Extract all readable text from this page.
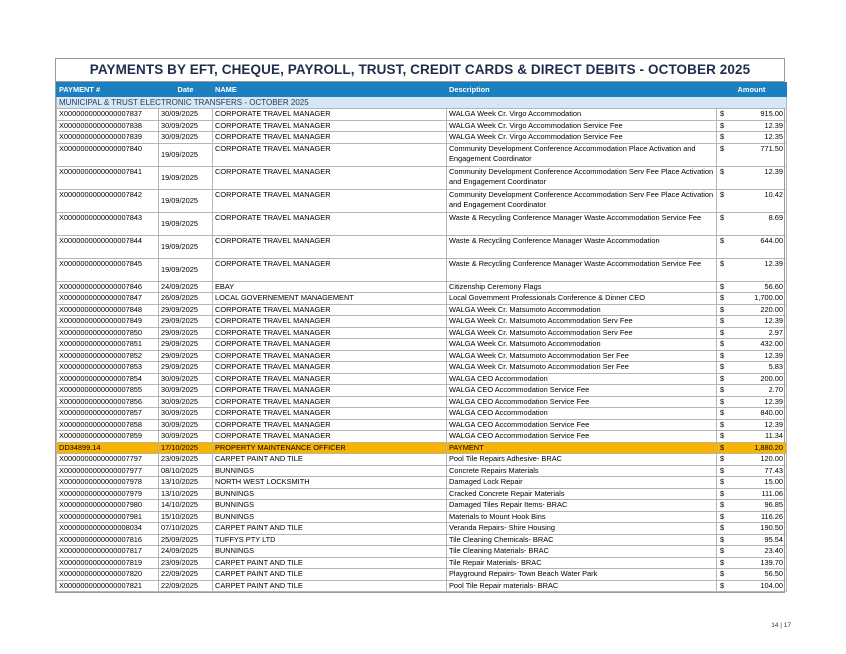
PAYMENTS BY EFT, CHEQUE, PAYROLL, TRUST, CREDIT CARDS & DIRECT DEBITS - OCTOBER 2025
PAYMENT #	Date	NAME	Description	Amount
MUNICIPAL & TRUST ELECTRONIC TRANSFERS - OCTOBER 2025				
X0000000000000007837	30/09/2025	CORPORATE TRAVEL MANAGER	WALGA Week Cr. Virgo Accommodation	$ 915.00
X0000000000000007838	30/09/2025	CORPORATE TRAVEL MANAGER	WALGA Week Cr. Virgo Accommodation Service Fee	$ 12.39
X0000000000000007839	30/09/2025	CORPORATE TRAVEL MANAGER	WALGA Week Cr. Virgo Accommodation Service Fee	$ 12.35
X0000000000000007840	19/09/2025	CORPORATE TRAVEL MANAGER	Community Development Conference Accommodation Place Activation and Engagement Coordinator	$ 771.50
X0000000000000007841	19/09/2025	CORPORATE TRAVEL MANAGER	Community Development Conference Accommodation Serv Fee Place Activation and Engagement Coordinator	$ 12.39
X0000000000000007842	19/09/2025	CORPORATE TRAVEL MANAGER	Community Development Conference Accommodation Serv Fee Place Activation and Engagement Coordinator	$ 10.42
X0000000000000007843	19/09/2025	CORPORATE TRAVEL MANAGER	Waste & Recycling Conference Manager Waste Accommodation Service Fee	$ 8.69
X0000000000000007844	19/09/2025	CORPORATE TRAVEL MANAGER	Waste & Recycling Conference Manager Waste Accommodation	$ 644.00
X0000000000000007845	19/09/2025	CORPORATE TRAVEL MANAGER	Waste & Recycling Conference Manager Waste Accommodation Service Fee	$ 12.39
X0000000000000007846	24/09/2025	EBAY	Citizenship Ceremony Flags	$ 56.60
X0000000000000007847	26/09/2025	LOCAL GOVERNEMENT MANAGEMENT	Local Government Professionals Conference & Dinner CEO	$ 1,700.00
X0000000000000007848	29/09/2025	CORPORATE TRAVEL MANAGER	WALGA Week Cr. Matsumoto Accommodation	$ 220.00
X0000000000000007849	29/09/2025	CORPORATE TRAVEL MANAGER	WALGA Week Cr. Matsumoto Accommodation Serv Fee	$ 12.39
X0000000000000007850	29/09/2025	CORPORATE TRAVEL MANAGER	WALGA Week Cr. Matsumoto Accommodation Serv Fee	$ 2.97
X0000000000000007851	29/09/2025	CORPORATE TRAVEL MANAGER	WALGA Week Cr. Matsumoto Accommodation	$ 432.00
X0000000000000007852	29/09/2025	CORPORATE TRAVEL MANAGER	WALGA Week Cr. Matsumoto Accommodation Ser Fee	$ 12.39
X0000000000000007853	29/09/2025	CORPORATE TRAVEL MANAGER	WALGA Week Cr. Matsumoto Accommodation Ser Fee	$ 5.83
X0000000000000007854	30/09/2025	CORPORATE TRAVEL MANAGER	WALGA CEO Accommodation	$ 200.00
X0000000000000007855	30/09/2025	CORPORATE TRAVEL MANAGER	WALGA CEO Accommodation Service Fee	$ 2.70
X0000000000000007856	30/09/2025	CORPORATE TRAVEL MANAGER	WALGA CEO Accommodation Service Fee	$ 12.39
X0000000000000007857	30/09/2025	CORPORATE TRAVEL MANAGER	WALGA CEO Accommodation	$ 840.00
X0000000000000007858	30/09/2025	CORPORATE TRAVEL MANAGER	WALGA CEO Accommodation Service Fee	$ 12.39
X0000000000000007859	30/09/2025	CORPORATE TRAVEL MANAGER	WALGA CEO Accommodation Service Fee	$ 11.34
DD34899.14	17/10/2025	PROPERTY MAINTENANCE OFFICER	PAYMENT	$ 1,880.20
X0000000000000007797	23/09/2025	CARPET PAINT AND TILE	Pool Tile Repairs Adhesive- BRAC	$ 120.00
X0000000000000007977	08/10/2025	BUNNINGS	Concrete Repairs Materials	$ 77.43
X0000000000000007978	13/10/2025	NORTH WEST LOCKSMITH	Damaged Lock Repair	$ 15.00
X0000000000000007979	13/10/2025	BUNNINGS	Cracked Concrete Repair Materials	$ 111.06
X0000000000000007980	14/10/2025	BUNNINGS	Damaged Tiles Repair Items- BRAC	$ 96.85
X0000000000000007981	15/10/2025	BUNNINGS	Materials to Mount Hook Bins	$ 116.26
X0000000000000008034	07/10/2025	CARPET PAINT AND TILE	Veranda Repairs- Shire Housing	$ 190.50
X0000000000000007816	25/09/2025	TUFFYS PTY LTD	Tile Cleaning Chemicals- BRAC	$ 95.54
X0000000000000007817	24/09/2025	BUNNINGS	Tile Cleaning Materials- BRAC	$ 23.40
X0000000000000007819	23/09/2025	CARPET PAINT AND TILE	Tile Repair Materials- BRAC	$ 139.70
X0000000000000007820	22/09/2025	CARPET PAINT AND TILE	Playground Repairs- Town Beach Water Park	$ 56.50
X0000000000000007821	22/09/2025	CARPET PAINT AND TILE	Pool Tile Repair materials- BRAC	$ 104.00
14 | 17
